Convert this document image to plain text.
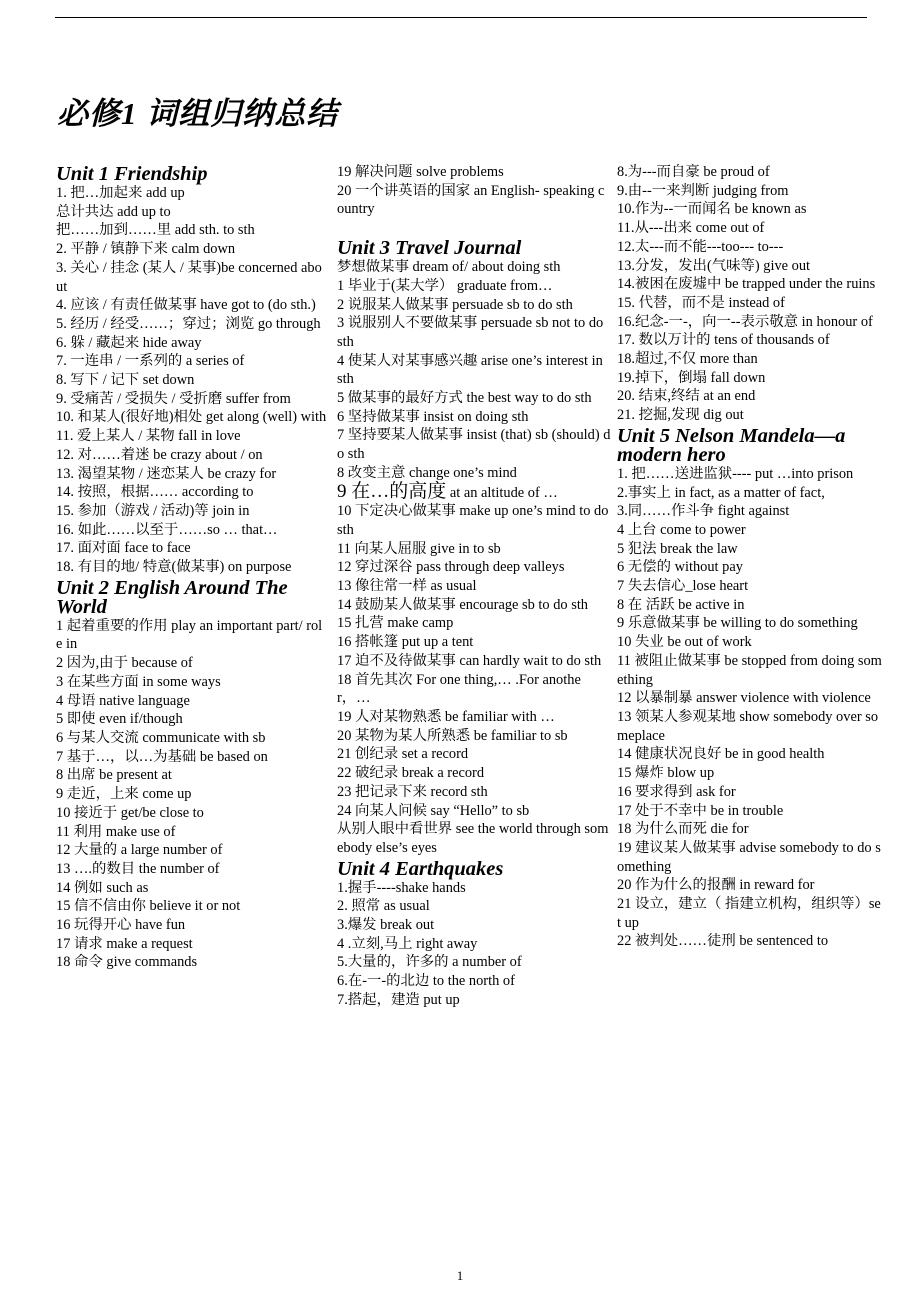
必修1 词组归纳总结
Unit 1 Friendship
1. 把…加起来 add up
总计共达 add up to
把……加到……里 add sth. to sth
2. 平静 / 镇静下来 calm down
3. 关心 / 挂念 (某人 / 某事)be concerned about
4. 应该 / 有责任做某事 have got to (do sth.)
5. 经历 / 经受……；穿过；浏览 go through
6. 躲 / 藏起来 hide away
7. 一连串 / 一系列的 a series of
8. 写下 / 记下 set down
9. 受痛苦 / 受损失 / 受折磨 suffer from
10. 和某人(很好地)相处 get along (well) with
11. 爱上某人 / 某物 fall in love
12. 对……着迷 be crazy about / on
13. 渴望某物 / 迷恋某人 be crazy for
14. 按照，根据…… according to
15. 参加（游戏 / 活动)等 join in
16. 如此……以至于……so … that…
17. 面对面 face to face
18. 有目的地/ 特意(做某事) on purpose
Unit 2 English Around The World
1 起着重要的作用 play an important part/ role in
2 因为,由于 because of
3 在某些方面 in some ways
4 母语 native language
5 即使 even if/though
6 与某人交流 communicate with sb
7 基于…，以…为基础 be based on
8 出席 be present at
9 走近，上来 come up
10 接近于 get/be close to
11 利用 make use of
12 大量的 a large number of
13 ….的数目 the number of
14 例如 such as
15 信不信由你 believe it or not
16 玩得开心 have fun
17 请求 make a request
18 命令 give commands
19 解决问题 solve problems
20 一个讲英语的国家 an English- speaking country
Unit 3 Travel Journal
梦想做某事 dream of/ about doing sth
1 毕业于(某大学） graduate from…
2 说服某人做某事 persuade sb to do sth
3 说服别人不要做某事 persuade sb not to do sth
4 使某人对某事感兴趣 arise one’s interest in sth
5 做某事的最好方式 the best way to do sth
6 坚持做某事 insist on doing sth
7 坚持要某人做某事 insist (that) sb (should) do sth
8 改变主意 change one’s mind
9 在…的高度 at an altitude of …
10 下定决心做某事 make up one’s mind to do sth
11 向某人屈服 give in to sb
12 穿过深谷 pass through deep valleys
13 像往常一样 as usual
14 鼓励某人做某事 encourage sb to do sth
15 扎营 make camp
16 搭帐篷 put up a tent
17 迫不及待做某事 can hardly wait to do sth
18 首先其次 For one thing,… .For another，…
19 人对某物熟悉 be familiar with …
20 某物为某人所熟悉 be familiar to sb
21 创纪录 set a record
22 破纪录 break a record
23 把记录下来 record sth
24 向某人问候 say “Hello” to sb
从别人眼中看世界 see the world through somebody else’s eyes
Unit 4 Earthquakes
1.握手----shake hands
2. 照常 as usual
3.爆发 break out
4 .立刻,马上 right away
5.大量的，许多的 a number of
6.在-一-的北边 to the north of
7.搭起，建造 put up
8.为---而自豪 be proud of
9.由--一来判断 judging from
10.作为--一而闻名 be known as
11.从---出来 come out of
12.太---而不能---too--- to---
13.分发，发出(气味等) give out
14.被困在废墟中 be trapped under the ruins
15. 代替，而不是 instead of
16.纪念-一-，向一--表示敬意 in honour of
17. 数以万计的 tens of thousands of
18.超过,不仅 more than
19.掉下，倒塌 fall down
20. 结束,终结 at an end
21. 挖掘,发现 dig out
Unit 5 Nelson Mandela—a modern hero
1. 把……送进监狱---- put …into prison
2.事实上 in fact, as a matter of fact,
3.同……作斗争 fight against
4 上台 come to power
5 犯法 break the law
6 无偿的 without pay
7 失去信心_lose heart
8 在 活跃 be active in
9 乐意做某事 be willing to do something
10 失业 be out of work
11 被阻止做某事 be stopped from doing something
12 以暴制暴 answer violence with violence
13 领某人参观某地 show somebody over someplace
14 健康状况良好 be in good health
15 爆炸 blow up
16 要求得到 ask for
17 处于不幸中 be in trouble
18 为什么而死 die for
19 建议某人做某事 advise somebody to do something
20 作为什么的报酬 in reward for
21 设立，建立（ 指建立机构，组织等）set up
22 被判处……徒刑 be sentenced to
1
